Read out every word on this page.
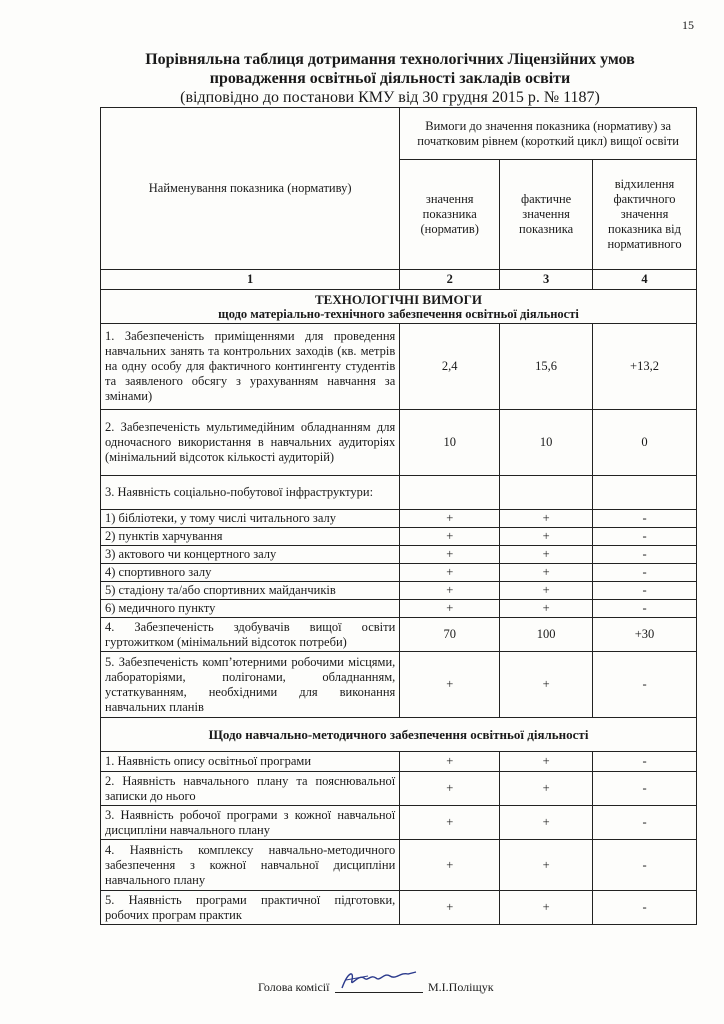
15
Порівняльна таблиця дотримання технологічних Ліцензійних умов
провадження освітньої діяльності закладів освіти
(відповідно до постанови КМУ від 30 грудня 2015 р. № 1187)
Найменування показника (нормативу)	Вимоги до значення показника (нормативу) за початковим рівнем (короткий цикл) вищої освіти		
	значення показника (норматив)	фактичне значення показника	відхилення фактичного значення показника від нормативного
1	2	3	4

ТЕХНОЛОГІЧНІ ВИМОГИ
щодо матеріально-технічного забезпечення освітньої діяльності			

1. Забезпеченість приміщеннями для проведення навчальних занять та контрольних заходів (кв. метрів на одну особу для фактичного контингенту студентів та заявленого обсягу з урахуванням навчання за змінами)	2,4	15,6	+13,2
2. Забезпеченість мультимедійним обладнанням для одночасного використання в навчальних аудиторіях (мінімальний відсоток кількості аудиторій)	10	10	0
3. Наявність соціально-побутової інфраструктури:			
1) бібліотеки, у тому числі читального залу	+	+	-
2) пунктів харчування	+	+	-
3) актового чи концертного залу	+	+	-
4) спортивного залу	+	+	-
5) стадіону та/або спортивних майданчиків	+	+	-
6) медичного пункту	+	+	-
4. Забезпеченість здобувачів вищої освіти гуртожитком (мінімальний відсоток потреби)	70	100	+30
5. Забезпеченість комп’ютерними робочими місцями, лабораторіями, полігонами, обладнанням, устаткуванням, необхідними для виконання навчальних планів	+	+	-

Щодо навчально-методичного забезпечення освітньої діяльності			

1. Наявність опису освітньої програми	+	+	-
2. Наявність навчального плану та пояснювальної записки до нього	+	+	-
3. Наявність робочої програми з кожної навчальної дисципліни навчального плану	+	+	-
4. Наявність комплексу навчально-методичного забезпечення з кожної навчальної дисципліни навчального плану	+	+	-
5. Наявність програми практичної підготовки, робочих програм практик	+	+	-
Голова комісії	М.І.Поліщук
